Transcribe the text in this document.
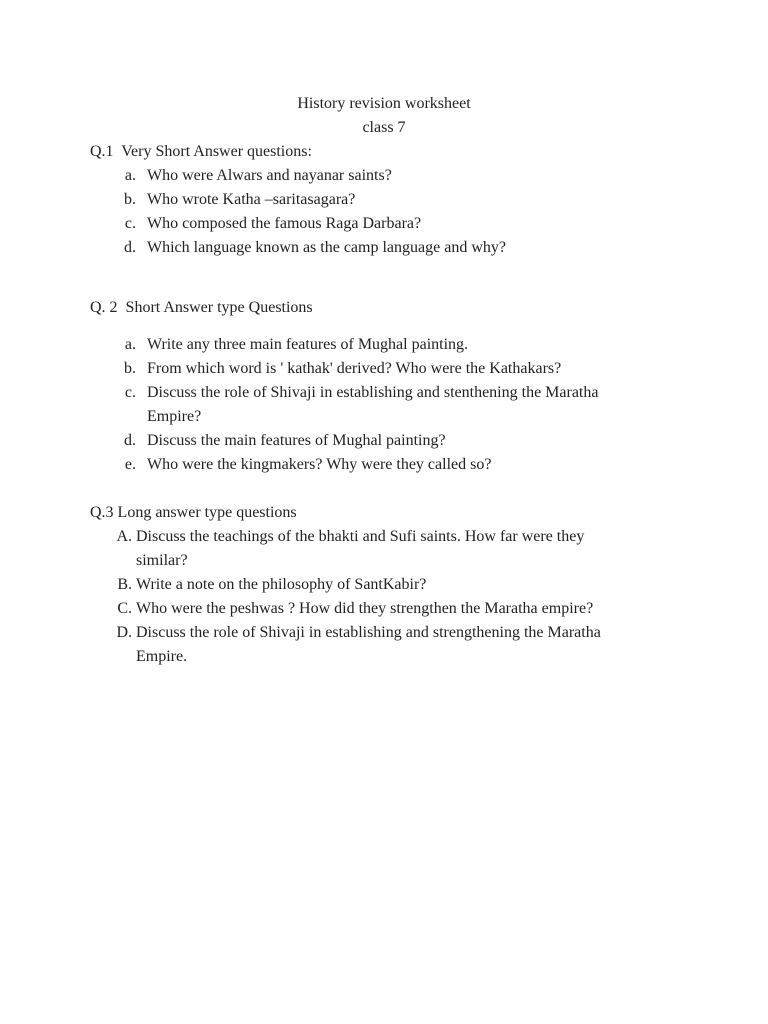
History revision worksheet
class 7
Q.1  Very Short Answer questions:
a. Who were Alwars and nayanar saints?
b. Who wrote Katha –saritasagara?
c. Who composed the famous Raga Darbara?
d. Which language known as the camp language and why?
Q. 2  Short Answer type Questions
a. Write any three main features of Mughal painting.
b. From which word is ' kathak' derived? Who were the Kathakars?
c. Discuss the role of Shivaji in establishing and stenthening the Maratha Empire?
d. Discuss the main features of Mughal painting?
e. Who were the kingmakers? Why were they called so?
Q.3 Long answer type questions
A. Discuss the teachings of the bhakti and Sufi saints. How far were they similar?
B. Write a note on the philosophy of SantKabir?
C. Who were the peshwas ? How did they strengthen the Maratha empire?
D. Discuss the role of Shivaji in establishing and strengthening the Maratha Empire.
